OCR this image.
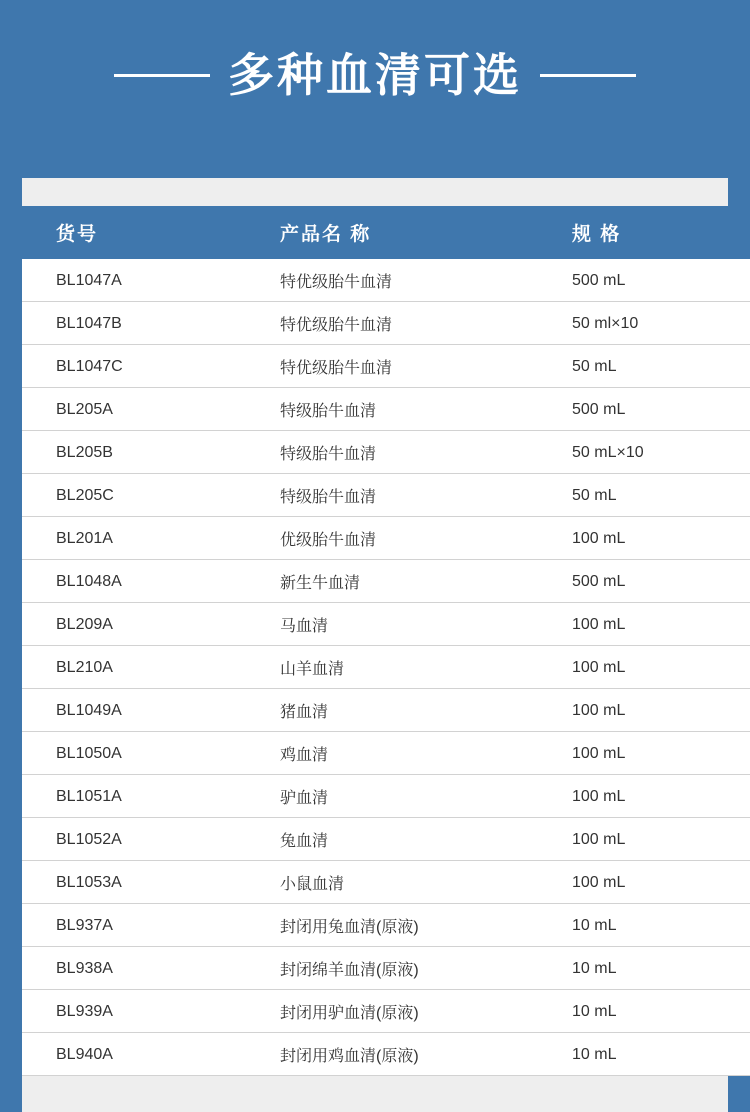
多种血清可选
货号	产品名 称	规 格
BL1047A	特优级胎牛血清	500 mL
BL1047B	特优级胎牛血清	50 ml×10
BL1047C	特优级胎牛血清	50 mL
BL205A	特级胎牛血清	500 mL
BL205B	特级胎牛血清	50 mL×10
BL205C	特级胎牛血清	50 mL
BL201A	优级胎牛血清	100 mL
BL1048A	新生牛血清	500 mL
BL209A	马血清	100 mL
BL210A	山羊血清	100 mL
BL1049A	猪血清	100 mL
BL1050A	鸡血清	100 mL
BL1051A	驴血清	100 mL
BL1052A	兔血清	100 mL
BL1053A	小鼠血清	100 mL
BL937A	封闭用兔血清(原液)	10 mL
BL938A	封闭绵羊血清(原液)	10 mL
BL939A	封闭用驴血清(原液)	10 mL
BL940A	封闭用鸡血清(原液)	10 mL
